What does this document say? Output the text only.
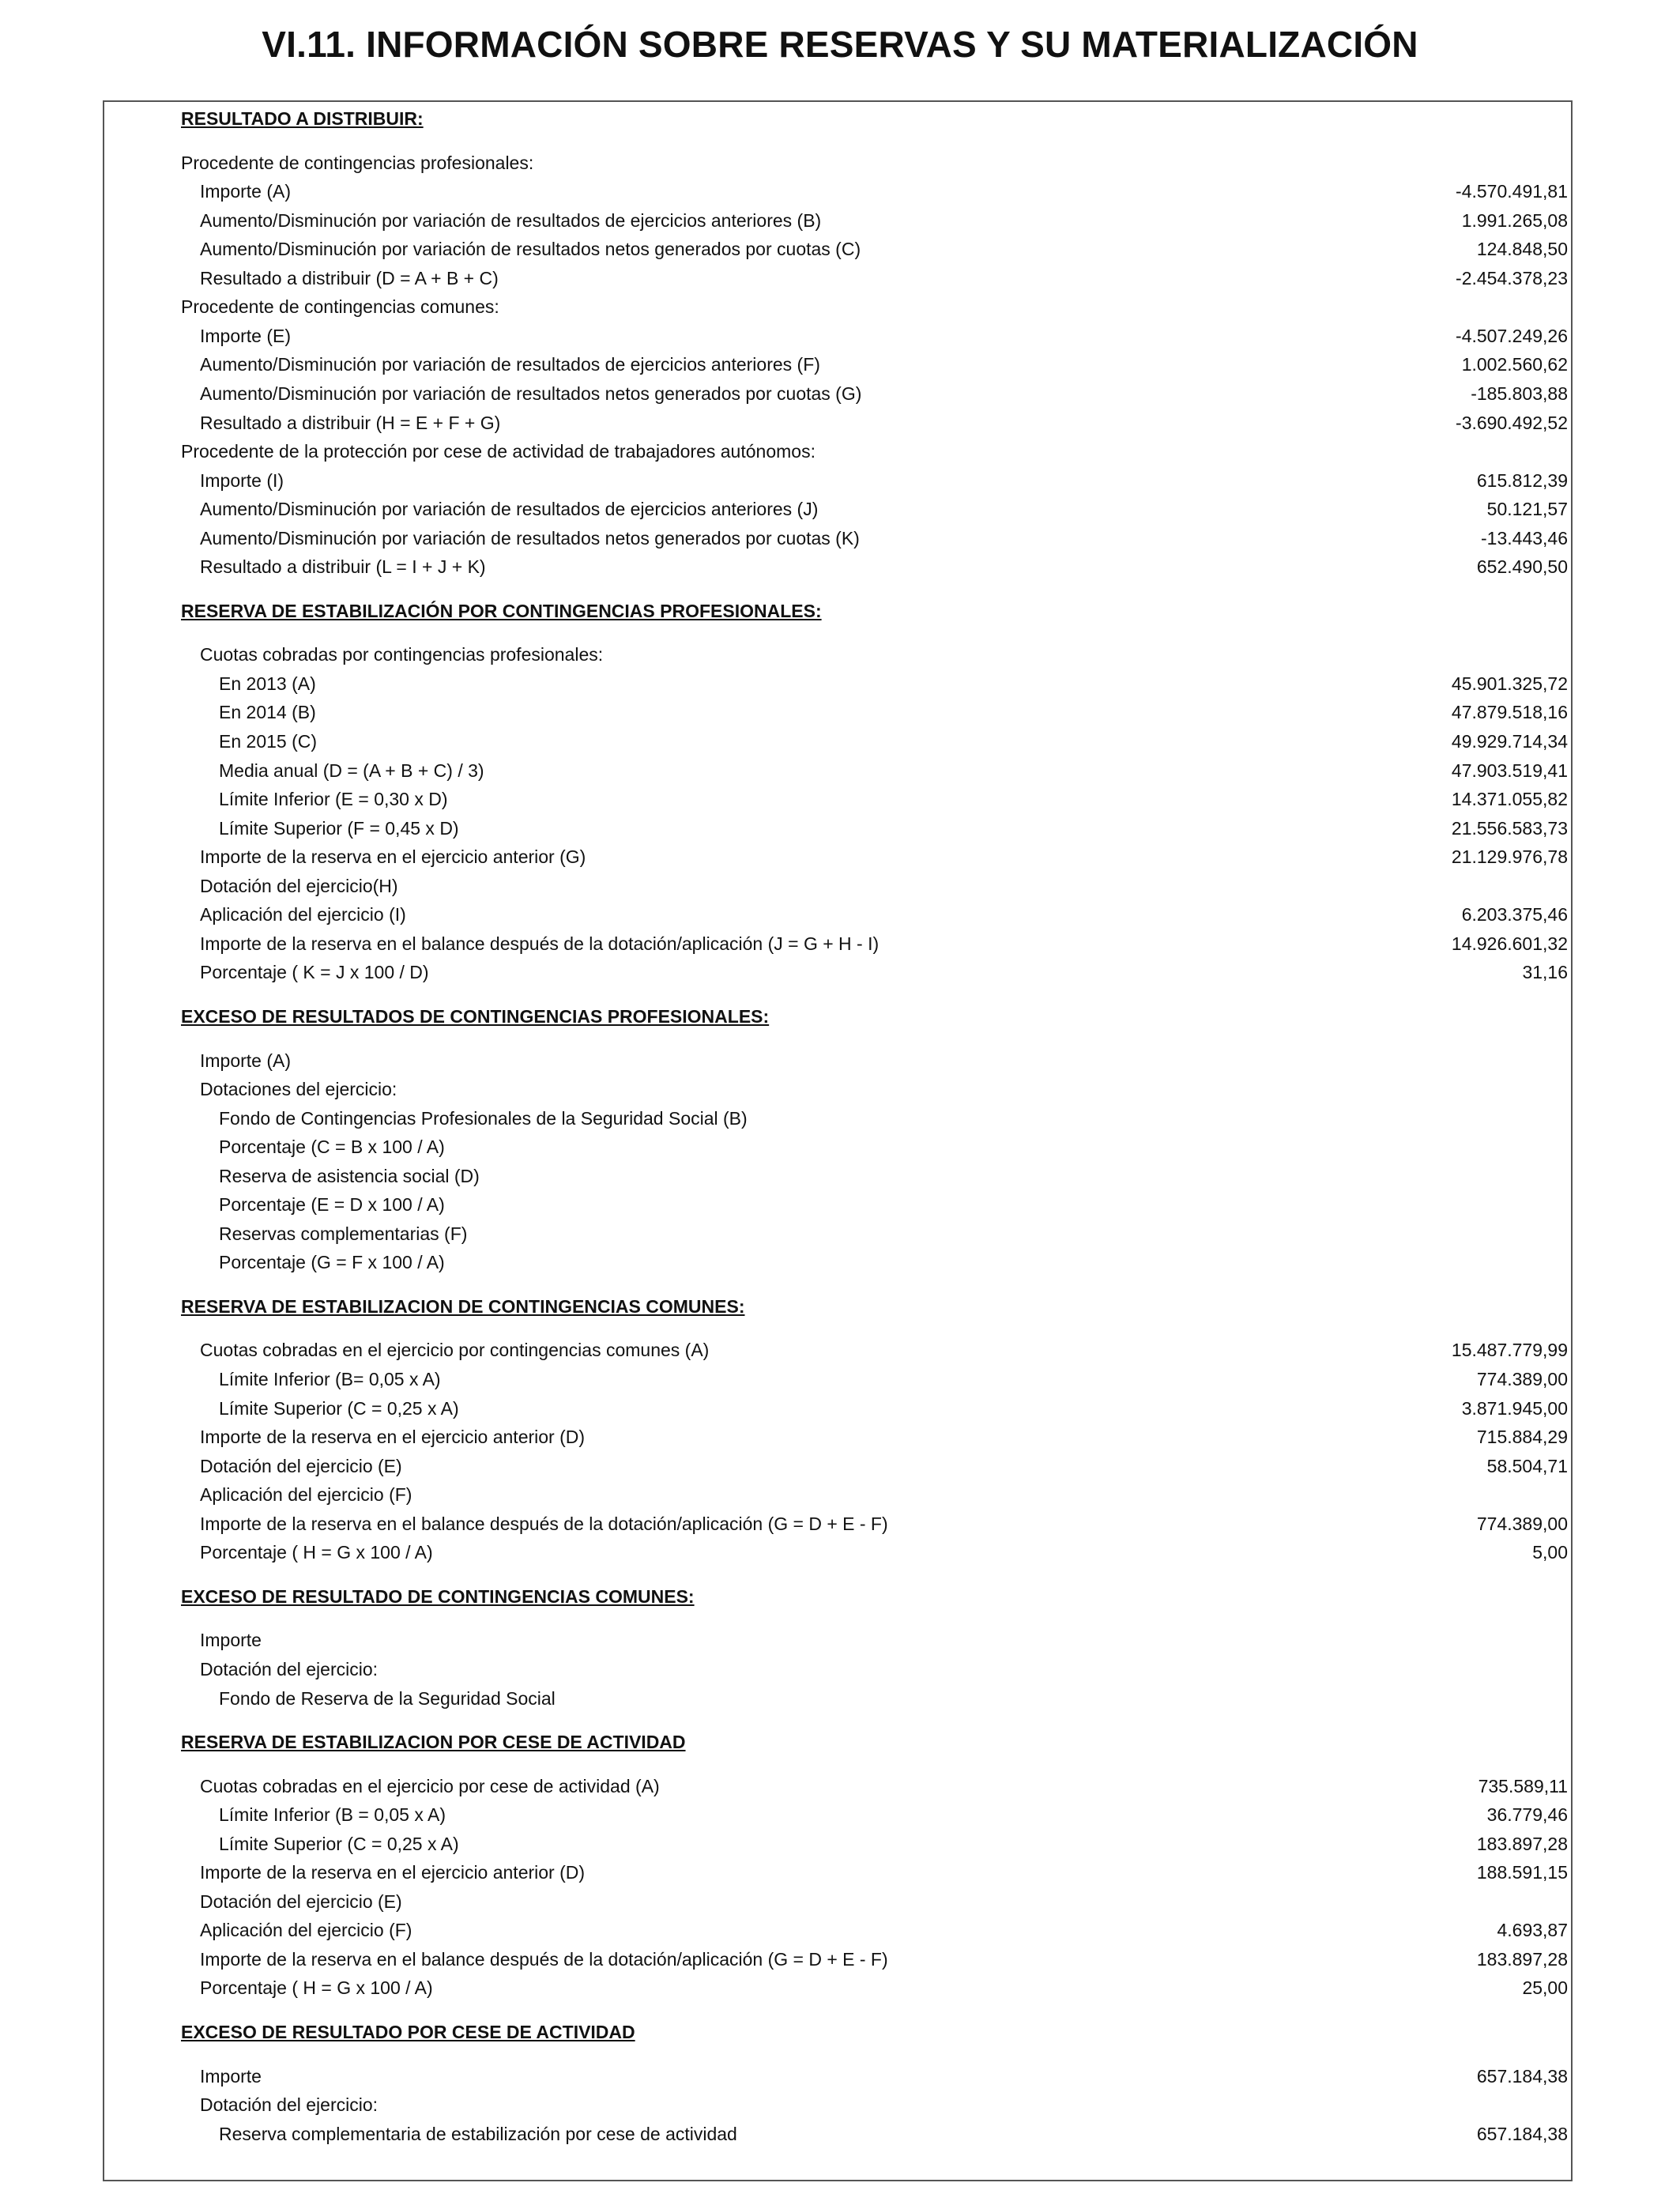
VI.11. INFORMACIÓN SOBRE RESERVAS Y SU MATERIALIZACIÓN
RESULTADO A DISTRIBUIR:
Procedente de contingencias profesionales:
Importe (A)	-4.570.491,81
Aumento/Disminución por variación de resultados de ejercicios anteriores (B)	1.991.265,08
Aumento/Disminución por variación de resultados netos generados por cuotas (C)	124.848,50
Resultado a distribuir (D = A + B + C)	-2.454.378,23
Procedente de contingencias comunes:
Importe (E)	-4.507.249,26
Aumento/Disminución por variación de resultados de ejercicios anteriores (F)	1.002.560,62
Aumento/Disminución por variación de resultados netos generados por cuotas (G)	-185.803,88
Resultado a distribuir (H = E + F + G)	-3.690.492,52
Procedente de la protección por cese de actividad de trabajadores autónomos:
Importe (I)	615.812,39
Aumento/Disminución por variación de resultados de ejercicios anteriores (J)	50.121,57
Aumento/Disminución por variación de resultados netos generados por cuotas (K)	-13.443,46
Resultado a distribuir (L = I + J + K)	652.490,50
RESERVA DE ESTABILIZACIÓN POR CONTINGENCIAS PROFESIONALES:
Cuotas cobradas por contingencias profesionales:
En 2013 (A)	45.901.325,72
En 2014 (B)	47.879.518,16
En 2015 (C)	49.929.714,34
Media anual (D = (A + B + C) / 3)	47.903.519,41
Límite Inferior (E = 0,30 x D)	14.371.055,82
Límite Superior (F = 0,45 x D)	21.556.583,73
Importe de la reserva en el ejercicio anterior (G)	21.129.976,78
Dotación del ejercicio(H)
Aplicación del ejercicio (I)	6.203.375,46
Importe de la reserva en el balance después de la dotación/aplicación (J = G + H - I)	14.926.601,32
Porcentaje ( K = J x 100 / D)	31,16
EXCESO DE RESULTADOS DE CONTINGENCIAS PROFESIONALES:
Importe (A)
Dotaciones del ejercicio:
Fondo de Contingencias Profesionales de la Seguridad Social (B)
Porcentaje (C = B x 100 / A)
Reserva de asistencia social (D)
Porcentaje (E = D x 100 / A)
Reservas complementarias (F)
Porcentaje (G = F x 100 / A)
RESERVA DE ESTABILIZACION DE CONTINGENCIAS COMUNES:
Cuotas cobradas en el ejercicio por contingencias comunes (A)	15.487.779,99
Límite Inferior (B= 0,05 x A)	774.389,00
Límite Superior (C = 0,25 x A)	3.871.945,00
Importe de la reserva en el ejercicio anterior (D)	715.884,29
Dotación del ejercicio (E)	58.504,71
Aplicación del ejercicio (F)
Importe de la reserva en el balance después de la dotación/aplicación (G = D + E - F)	774.389,00
Porcentaje ( H = G x 100 / A)	5,00
EXCESO DE RESULTADO DE CONTINGENCIAS COMUNES:
Importe
Dotación del ejercicio:
Fondo de Reserva de la Seguridad Social
RESERVA DE ESTABILIZACION POR CESE DE ACTIVIDAD
Cuotas cobradas en el ejercicio por cese de actividad (A)	735.589,11
Límite Inferior (B = 0,05 x A)	36.779,46
Límite Superior (C = 0,25 x A)	183.897,28
Importe de la reserva en el ejercicio anterior (D)	188.591,15
Dotación del ejercicio (E)
Aplicación del ejercicio (F)	4.693,87
Importe de la reserva en el balance después de la dotación/aplicación (G = D + E - F)	183.897,28
Porcentaje ( H = G x 100 / A)	25,00
EXCESO DE RESULTADO POR CESE DE ACTIVIDAD
Importe	657.184,38
Dotación del ejercicio:
Reserva complementaria de estabilización por cese de actividad	657.184,38
